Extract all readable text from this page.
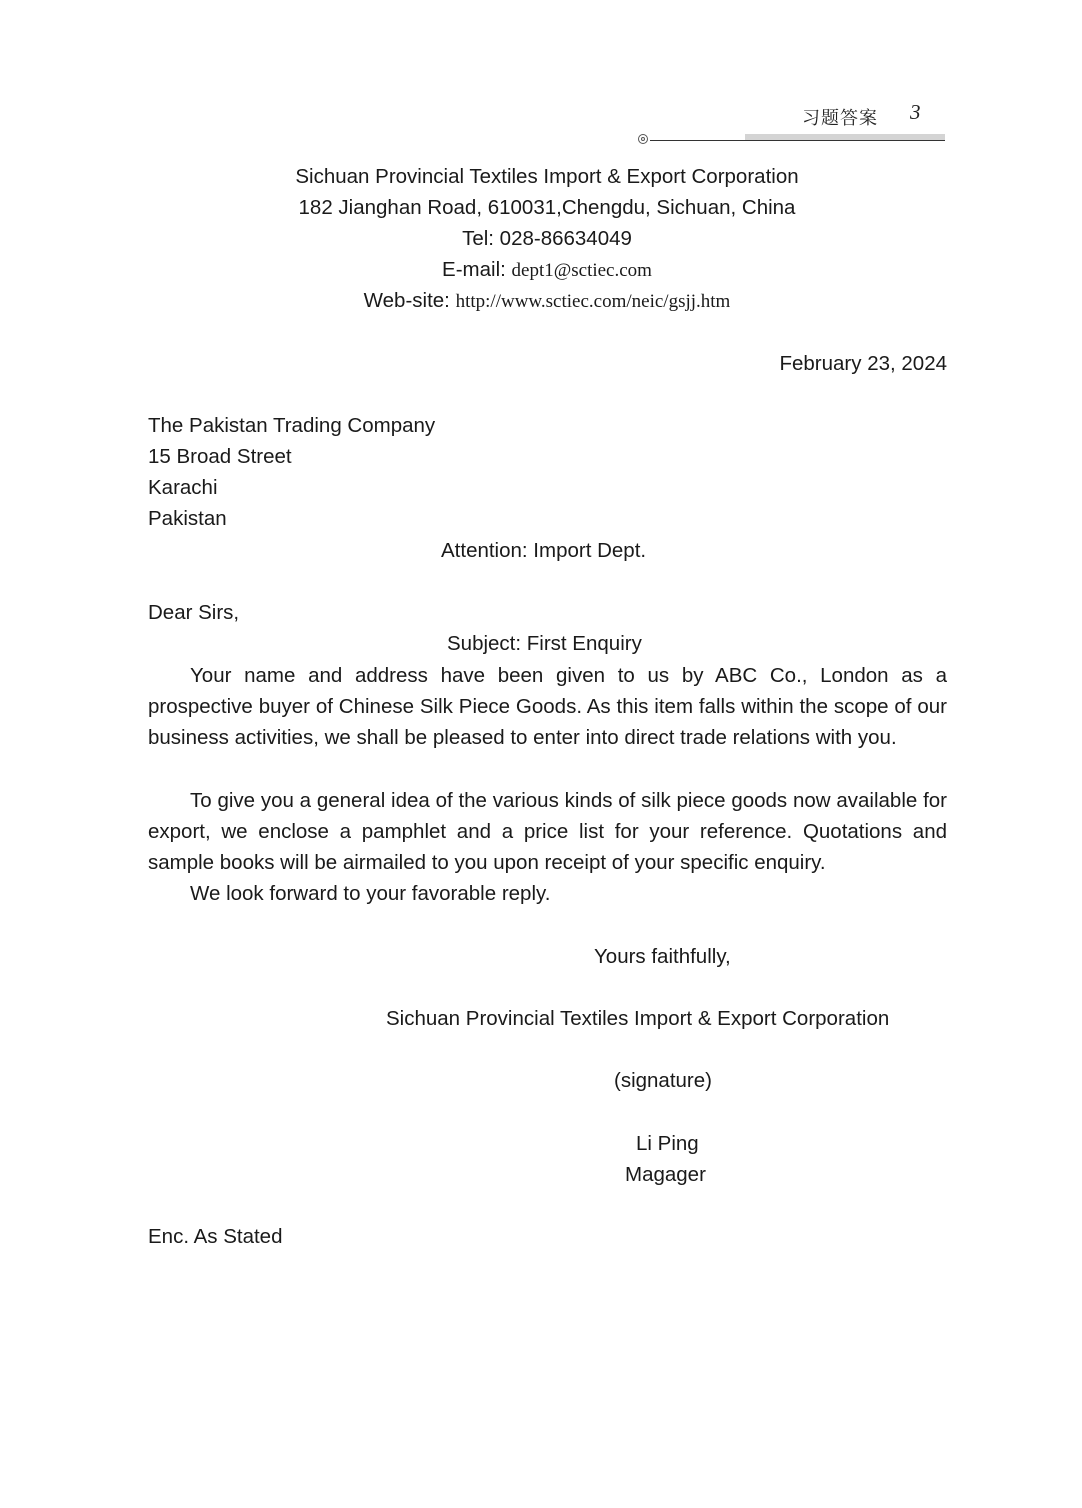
习题答案 3
Sichuan Provincial Textiles Import & Export Corporation
182 Jianghan Road, 610031,Chengdu, Sichuan, China
Tel: 028-86634049
E-mail: dept1@sctiec.com
Web-site: http://www.sctiec.com/neic/gsjj.htm
February 23, 2024
The Pakistan Trading Company
15 Broad Street
Karachi
Pakistan
Attention: Import Dept.
Dear Sirs,
Subject: First Enquiry

Your name and address have been given to us by ABC Co., London as a prospective buyer of Chinese Silk Piece Goods. As this item falls within the scope of our business activities, we shall be pleased to enter into direct trade relations with you.

To give you a general idea of the various kinds of silk piece goods now available for export, we enclose a pamphlet and a price list for your reference. Quotations and sample books will be airmailed to you upon receipt of your specific enquiry.

We look forward to your favorable reply.

Yours faithfully,
Sichuan Provincial Textiles Import & Export Corporation
(signature)
Li Ping
Magager
Enc. As Stated
